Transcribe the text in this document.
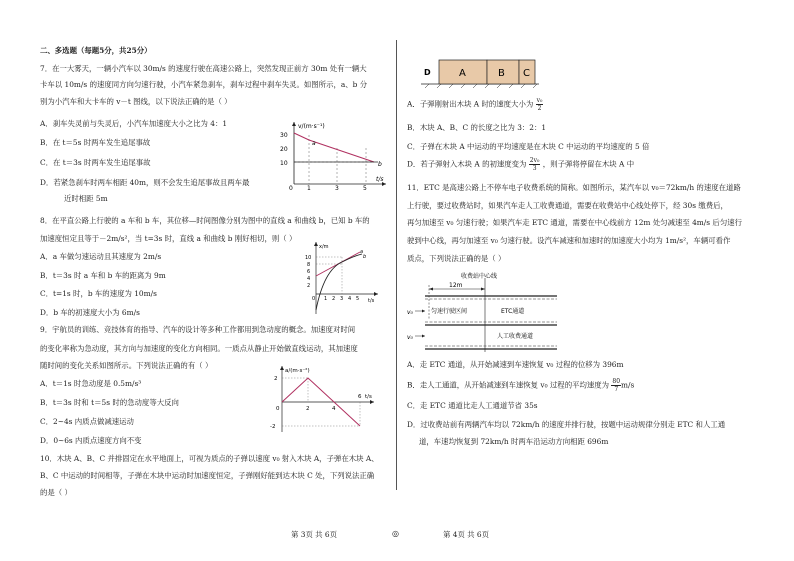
二、多选题（每题5分，共25分）
7．在一大雾天，一辆小汽车以 30m/s 的速度行驶在高速公路上，突然发现正前方 30m 处有一辆大
卡车以 10m/s 的速度同方向匀速行驶，小汽车紧急刹车，刹车过程中刹车失灵。如图所示，a、b 分
别为小汽车和大卡车的 v－t 图线，以下说法正确的是（ ）
A．刹车失灵前与失灵后，小汽车加速度大小之比为 4：1
B．在 t＝5s 时两车发生追尾事故
C．在 t＝3s 时两车发生追尾事故
D．若紧急刹车时两车相距 40m，则不会发生追尾事故且两车最
近时相距 5m
v/(m·s⁻¹)
t/s
30
20
10
0 1	3	5
a
b
8．在平直公路上行驶的 a 车和 b 车，其位移—时间图像分别为图中的直线 a 和曲线 b，已知 b 车的
加速度恒定且等于－2m/s²，当 t=3s 时，直线 a 和曲线 b 刚好相切，则（ ）
A．a 车做匀速运动且其速度为 2m/s
B．t＝3s 时 a 车和 b 车的距离为 9m
C．t=1s 时，b 车的速度为 10m/s
D．b 车的初速度大小为 6m/s
x/m
t/s
10
8
6
4
2
0 1 2 3 4 5
a
b
9．宇航员的训练、竞技体育的指导、汽车的设计等多种工作都用到急动度的概念。加速度对时间
的变化率称为急动度，其方向与加速度的变化方向相同。一质点从静止开始做直线运动，其加速度
随时间的变化关系如图所示。下列说法正确的有（ ）
A．t＝1s 时急动度是 0.5m/s³
B．t＝3s 时和 t＝5s 时的急动度等大反向
C．2~4s 内质点做减速运动
D．0~6s 内质点速度方向不变
a/(m·s⁻²)
t/s
2
0
-2
2	4
6
10．木块 A、B、C 并排固定在水平地面上，可视为质点的子弹以速度 v₀ 射入木块 A，子弹在木块 A、
B、C 中运动的时间相等，子弹在木块中运动时加速度恒定，子弹刚好能到达木块 C 处，下列说法正确
的是（ ）
A	B C
D
A．子弹刚射出木块 A 时的速度大小为 $\frac{\text{v₀}}{2}$
B．木块 A、B、C 的长度之比为 3：2：1
C．子弹在木块 A 中运动的平均速度是在木块 C 中运动的平均速度的 5 倍
D．若子弹射入木块 A 的初速度变为 $\frac{\text{2v₀}}{3}$ ，则子弹将停留在木块 A 中
11．ETC 是高速公路上不停车电子收费系统的简称。如图所示，某汽车以 v₀＝72km/h 的速度在道路
上行驶，要过收费站时，如果汽车走人工收费通道，需要在收费站中心线处停下，经 30s 缴费后，
再匀加速至 v₀ 匀速行驶；如果汽车走 ETC 通道，需要在中心线前方 12m 处匀减速至 4m/s 后匀速行
驶到中心线，再匀加速至 v₀ 匀速行驶。设汽车减速和加速时的加速度大小均为 1m/s²，车辆可看作
质点，下列说法正确的是（ ）
收费站中心线
12m
匀速行驶区间	ETC通道
人工收费通道
v₀
v₀
A．走 ETC 通道，从开始减速到车速恢复 v₀ 过程的位移为 396m
B．走人工通道，从开始减速到车速恢复 v₀ 过程的平均速度为 $\frac{80}{7} m/s$
C．走 ETC 通道比走人工通道节省 35s
D．过收费站前有两辆汽车均以 72km/h 的速度并排行驶，按题中运动规律分别走 ETC 和人工通
道，车速均恢复到 72km/h 时两车沿运动方向相距 696m
第 3页 共 6页	◎	第 4页 共 6页
